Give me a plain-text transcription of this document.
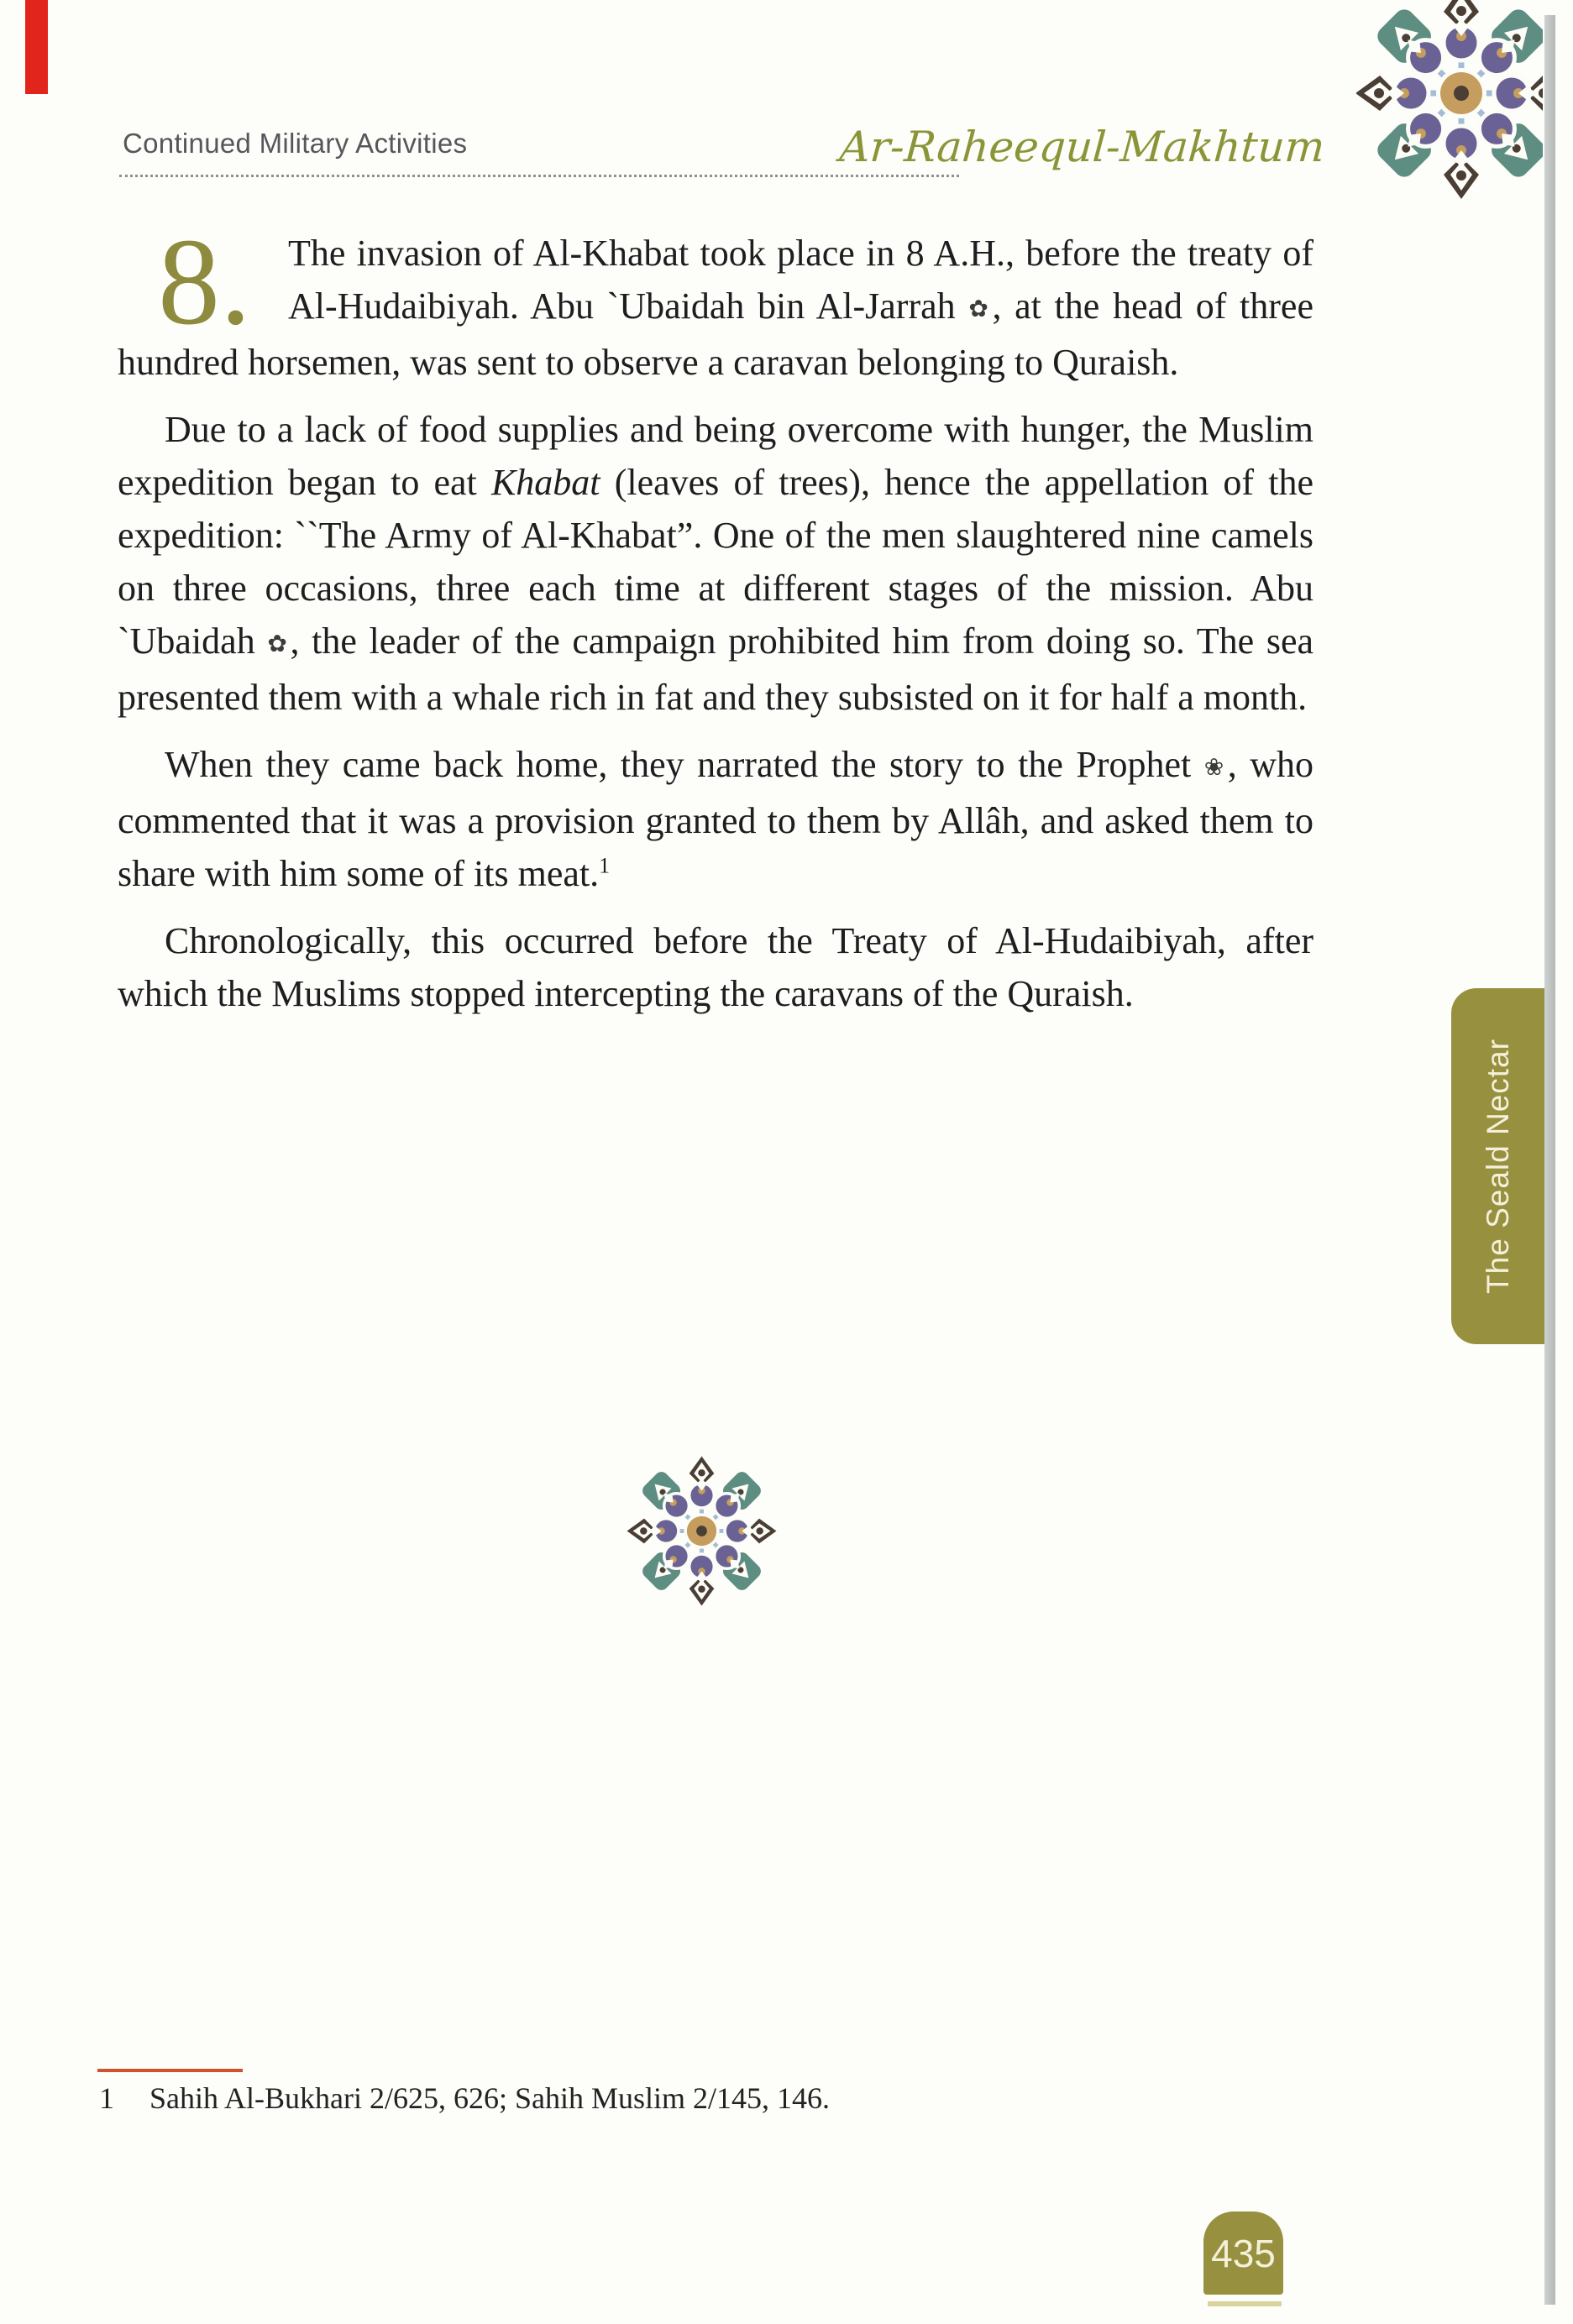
Continued Military Activities	Ar-Raheequl-Makhtum

8.	The invasion of Al-Khabat took place in 8 A.H., before the treaty of Al-Hudaibiyah. Abu `Ubaidah bin Al-Jarrah ✿, at the head of three hundred horsemen, was sent to observe a caravan belonging to Quraish.

Due to a lack of food supplies and being overcome with hunger, the Muslim expedition began to eat Khabat (leaves of trees), hence the appellation of the expedition: ``The Army of Al-Khabat”. One of the men slaughtered nine camels on three occasions, three each time at different stages of the mission. Abu `Ubaidah ✿, the leader of the campaign prohibited him from doing so. The sea presented them with a whale rich in fat and they subsisted on it for half a month.

When they came back home, they narrated the story to the Prophet ❀, who commented that it was a provision granted to them by Allâh, and asked them to share with him some of its meat.$^1$

Chronologically, this occurred before the Treaty of Al-Hudaibiyah, after which the Muslims stopped intercepting the caravans of the Quraish.

The Seald Nectar
1 Sahih Al-Bukhari 2/625, 626; Sahih Muslim 2/145, 146.
435
